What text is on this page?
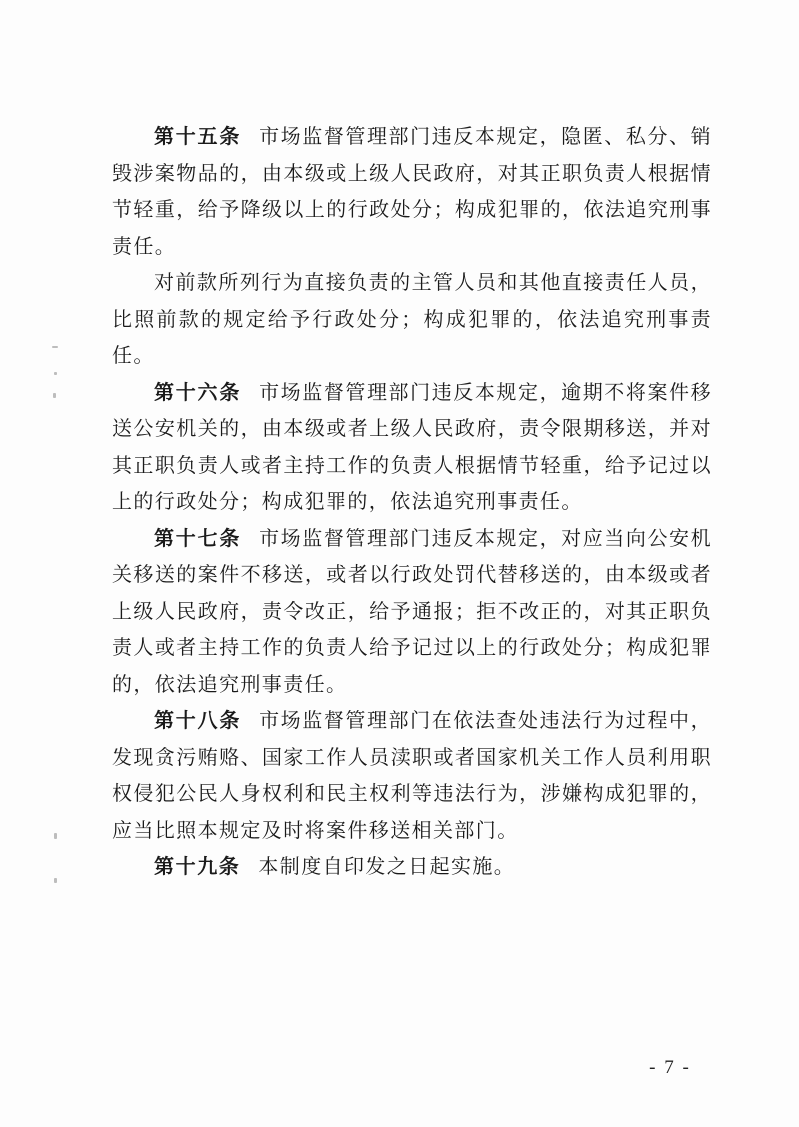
第十五条 市场监督管理部门违反本规定，隐匿、私分、销毁涉案物品的，由本级或上级人民政府，对其正职负责人根据情节轻重，给予降级以上的行政处分；构成犯罪的，依法追究刑事责任。

对前款所列行为直接负责的主管人员和其他直接责任人员，比照前款的规定给予行政处分；构成犯罪的，依法追究刑事责任。

第十六条 市场监督管理部门违反本规定，逾期不将案件移送公安机关的，由本级或者上级人民政府，责令限期移送，并对其正职负责人或者主持工作的负责人根据情节轻重，给予记过以上的行政处分；构成犯罪的，依法追究刑事责任。

第十七条 市场监督管理部门违反本规定，对应当向公安机关移送的案件不移送，或者以行政处罚代替移送的，由本级或者上级人民政府，责令改正，给予通报；拒不改正的，对其正职负责人或者主持工作的负责人给予记过以上的行政处分；构成犯罪的，依法追究刑事责任。

第十八条 市场监督管理部门在依法查处违法行为过程中，发现贪污贿赂、国家工作人员渎职或者国家机关工作人员利用职权侵犯公民人身权利和民主权利等违法行为，涉嫌构成犯罪的，应当比照本规定及时将案件移送相关部门。

第十九条 本制度自印发之日起实施。

- 7 -
